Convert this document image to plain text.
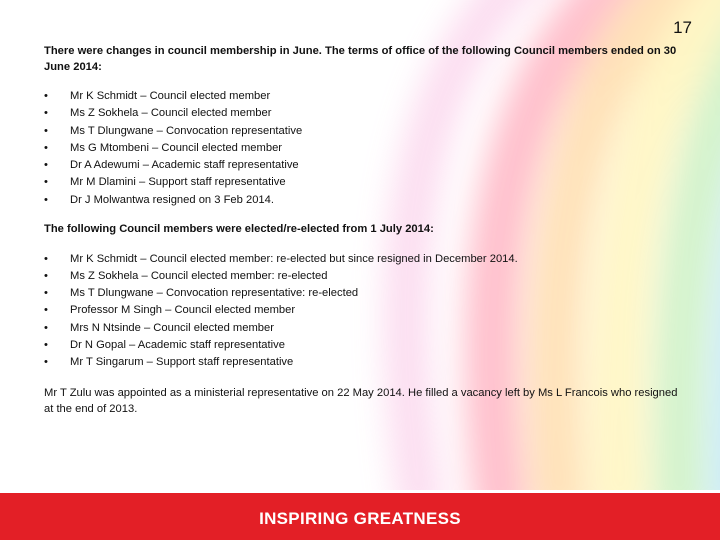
17

There were changes in council membership in June. The terms of office of the following Council members ended on 30 June 2014:

• Mr K Schmidt – Council elected member
• Ms Z Sokhela – Council elected member
• Ms T Dlungwane – Convocation representative
• Ms G Mtombeni – Council elected member
• Dr A Adewumi – Academic staff representative
• Mr M Dlamini – Support staff representative
• Dr J Molwantwa resigned on 3 Feb 2014.

The following Council members were elected/re-elected from 1 July 2014:

• Mr K Schmidt – Council elected member: re-elected but since resigned in December 2014.
• Ms Z Sokhela – Council elected member: re-elected
• Ms T Dlungwane – Convocation representative: re-elected
• Professor M Singh – Council elected member
• Mrs N Ntsinde – Council elected member
• Dr N Gopal – Academic staff representative
• Mr T Singarum – Support staff representative

Mr T Zulu was appointed as a ministerial representative on 22 May 2014. He filled a vacancy left by Ms L Francois who resigned at the end of 2013.

INSPIRING GREATNESS
